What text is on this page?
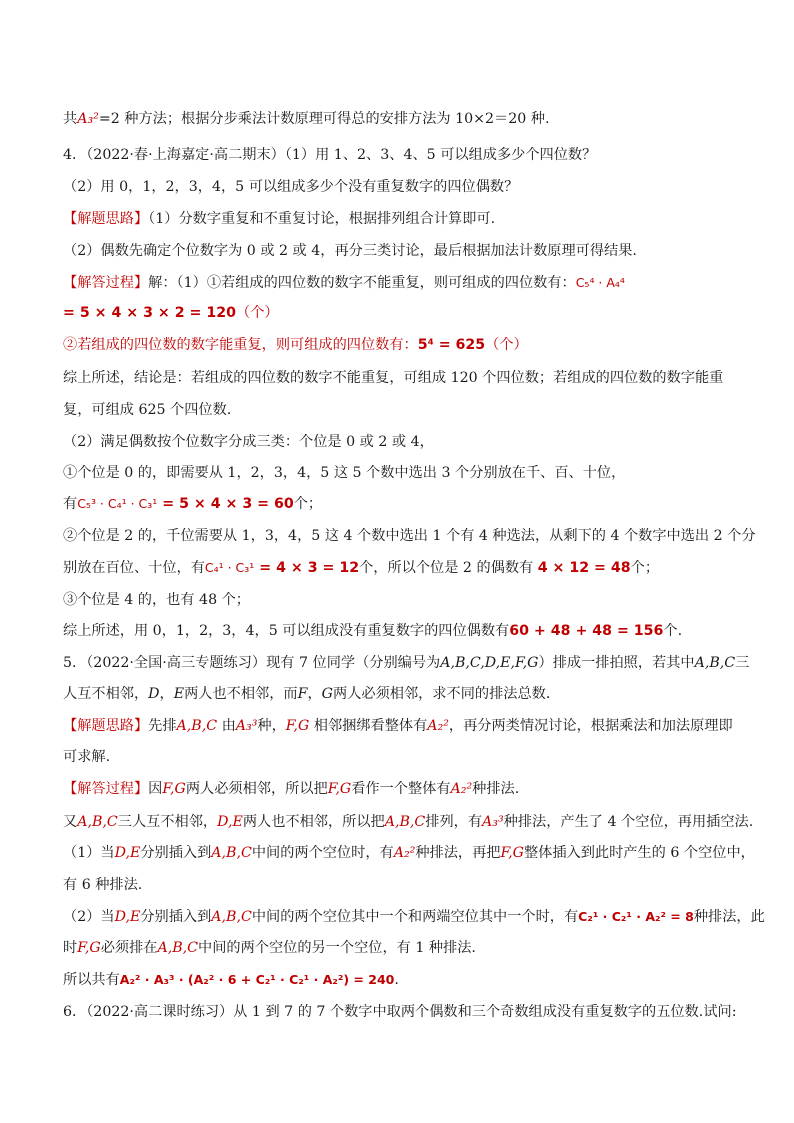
共A₃²=2 种方法；根据分步乘法计数原理可得总的安排方法为 10×2＝20 种.
4．（2022·春·上海嘉定·高二期末）（1）用 1、2、3、4、5 可以组成多少个四位数？
（2）用 0，1，2，3，4，5 可以组成多少个没有重复数字的四位偶数？
【解题思路】（1）分数字重复和不重复讨论，根据排列组合计算即可.
（2）偶数先确定个位数字为 0 或 2 或 4，再分三类讨论，最后根据加法计数原理可得结果.
【解答过程】解：（1）①若组成的四位数的数字不能重复，则可组成的四位数有：C₅⁴ · A₄⁴
= 5 × 4 × 3 × 2 = 120（个）
②若组成的四位数的数字能重复，则可组成的四位数有：5⁴ = 625（个）
综上所述，结论是：若组成的四位数的数字不能重复，可组成 120 个四位数；若组成的四位数的数字能重
复，可组成 625 个四位数.
（2）满足偶数按个位数字分成三类：个位是 0 或 2 或 4，
①个位是 0 的，即需要从 1，2，3，4，5 这 5 个数中选出 3 个分别放在千、百、十位，
有C₅³ · C₄¹ · C₃¹ = 5 × 4 × 3 = 60个；
②个位是 2 的，千位需要从 1，3，4，5 这 4 个数中选出 1 个有 4 种选法，从剩下的 4 个数字中选出 2 个分
别放在百位、十位，有C₄¹ · C₃¹ = 4 × 3 = 12个，所以个位是 2 的偶数有 4 × 12 = 48个；
③个位是 4 的，也有 48 个；
综上所述，用 0，1，2，3，4，5 可以组成没有重复数字的四位偶数有60 + 48 + 48 = 156个.
5．（2022·全国·高三专题练习）现有 7 位同学（分别编号为A,B,C,D,E,F,G）排成一排拍照，若其中A,B,C三
人互不相邻，D，E两人也不相邻，而F，G两人必须相邻，求不同的排法总数．
【解题思路】先排A,B,C 由A₃³种，F,G 相邻捆绑看整体有A₂²，再分两类情况讨论，根据乘法和加法原理即
可求解.
【解答过程】因F,G两人必须相邻，所以把F,G看作一个整体有A₂²种排法.
又A,B,C三人互不相邻，D,E两人也不相邻，所以把A,B,C排列，有A₃³种排法，产生了 4 个空位，再用插空法.
（1）当D,E分别插入到A,B,C中间的两个空位时，有A₂²种排法，再把F,G整体插入到此时产生的 6 个空位中，
有 6 种排法.
（2）当D,E分别插入到A,B,C中间的两个空位其中一个和两端空位其中一个时，有C₂¹ · C₂¹ · A₂² = 8种排法，此
时F,G必须排在A,B,C中间的两个空位的另一个空位，有 1 种排法.
所以共有A₂² · A₃³ · (A₂² · 6 + C₂¹ · C₂¹ · A₂²) = 240.
6．（2022·高二课时练习）从 1 到 7 的 7 个数字中取两个偶数和三个奇数组成没有重复数字的五位数.试问:
